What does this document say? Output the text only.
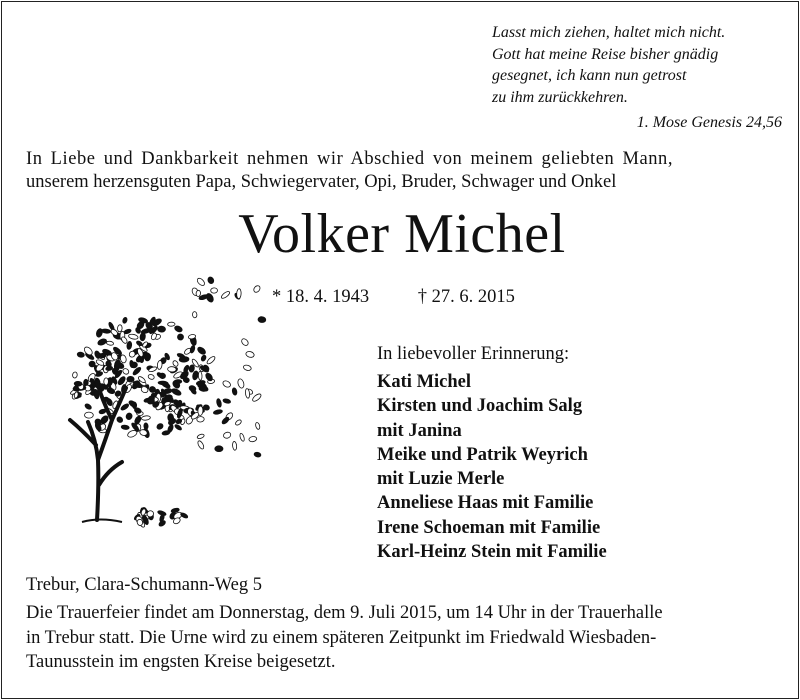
Lasst mich ziehen, haltet mich nicht.
Gott hat meine Reise bisher gnädig
gesegnet, ich kann nun getrost
zu ihm zurückkehren.
1. Mose Genesis 24,56
In Liebe und Dankbarkeit nehmen wir Abschied von meinem geliebten Mann,
unserem herzensguten Papa, Schwiegervater, Opi, Bruder, Schwager und Onkel
Volker Michel
* 18. 4. 1943	† 27. 6. 2015
In liebevoller Erinnerung:
Kati Michel
Kirsten und Joachim Salg
mit Janina
Meike und Patrik Weyrich
mit Luzie Merle
Anneliese Haas mit Familie
Irene Schoeman mit Familie
Karl-Heinz Stein mit Familie
Trebur, Clara-Schumann-Weg 5
Die Trauerfeier findet am Donnerstag, dem 9. Juli 2015, um 14 Uhr in der Trauerhalle
in Trebur statt. Die Urne wird zu einem späteren Zeitpunkt im Friedwald Wiesbaden-
Taunusstein im engsten Kreise beigesetzt.
